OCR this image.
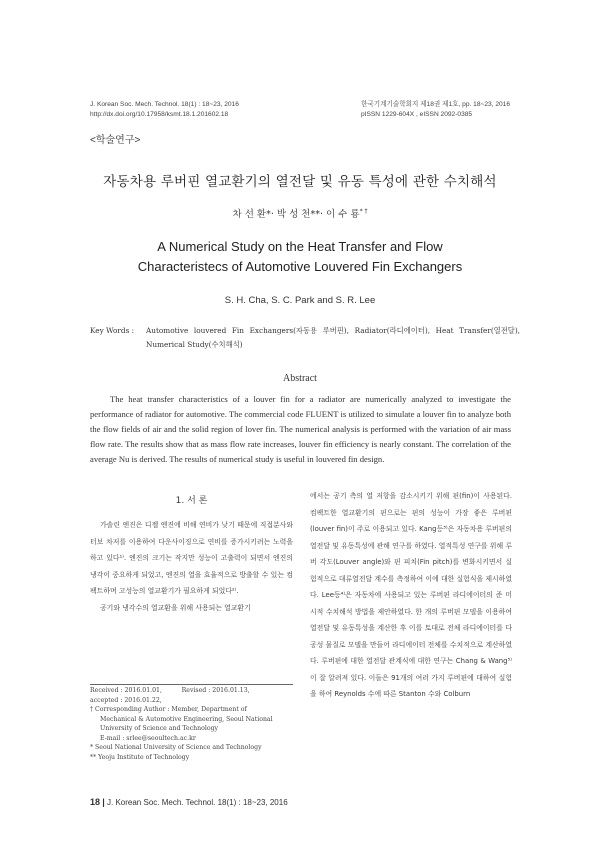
J. Korean Soc. Mech. Technol. 18(1) : 18~23, 2016
http://dx.doi.org/10.17958/ksmt.18.1.201602.18
한국기계기술학회지 제18권 제1호, pp. 18~23, 2016
pISSN 1229-604X , eISSN 2092-0385
<학술연구>
자동차용 루버핀 열교환기의 열전달 및 유동 특성에 관한 수치해석
차 선 환*· 박 성 천**· 이 수 룡* †
A Numerical Study on the Heat Transfer and Flow
Characteristecs of Automotive Louvered Fin Exchangers
S. H. Cha, S. C. Park and S. R. Lee
Key Words : Automotive louvered Fin Exchangers(자동용 루버핀), Radiator(라디에이터), Heat Transfer(열전달), Numerical Study(수치해석)
Abstract
The heat transfer characteristics of a louver fin for a radiator are numerically analyzed to investigate the performance of radiator for automotive. The commercial code FLUENT is utilized to simulate a louver fin to analyze both the flow fields of air and the solid region of lover fin. The numerical analysis is performed with the variation of air mass flow rate. The results show that as mass flow rate increases, louver fin efficiency is nearly constant. The correlation of the average Nu is derived. The results of numerical study is useful in louvered fin design.
1. 서 론

가솔린 엔진은 디젤 엔진에 비해 연비가 낮기 때문에 직접분사와 터보 차저를 이용하여 다운사이징으로 연비를 증가시키려는 노력을 하고 있다¹⁾. 엔진의 크기는 작지만 성능이 고출력이 되면서 엔진의 냉각이 중요하게 되었고, 엔진의 열을 효율적으로 방출할 수 있는 컴팩트하며 고성능의 열교환기가 필요하게 되었다²⁾.

공기와 냉각수의 열교환을 위해 사용되는 열교환기

Received : 2016.01.01,	Revised : 2016.01.13,
accepted : 2016.01.22,
† Corresponding Author : Member, Department of
Mechanical & Automotive Engineering, Seoul National
University of Science and Technology
E-mail : srlee@seoultech.ac.kr
* Seoul National University of Science and Technology
** Yeoju Institute of Technology
에서는 공기 측의 열 저항을 감소시키기 위해 핀(fin)이 사용된다. 컴팩트한 열교환기의 핀으로는 핀의 성능이 가장 좋은 루버핀(louver fin)이 주로 이용되고 있다. Kang등³⁾은 자동차용 루버핀의 열전달 및 유동특성에 관해 연구를 하였다. 열적특성 연구를 위해 루버 각도(Louver angle)와 핀 피치(Fin pitch)를 변화시키면서 실험적으로 대류열전달 계수를 측정하여 이에 대한 실험식을 제시하였다. Lee등⁴⁾은 자동차에 사용되고 있는 루버핀 라디에이터의 준 미시적 수치해석 방법을 제안하였다. 한 개의 루버핀 모델을 이용하여 열전달 및 유동특성을 계산한 후 이를 토대로 전체 라디에이터를 다공성 물질로 모델을 만들어 라디에이터 전체를 수치적으로 계산하였다. 루버핀에 대한 열전달 관계식에 대한 연구는 Chang & Wang⁵⁾이 잘 알려져 있다. 이들은 91개의 여러 가지 루버핀에 대하여 실험을 하여 Reynolds 수에 따른 Stanton 수와 Colburn
18 | J. Korean Soc. Mech. Technol. 18(1) : 18~23, 2016
